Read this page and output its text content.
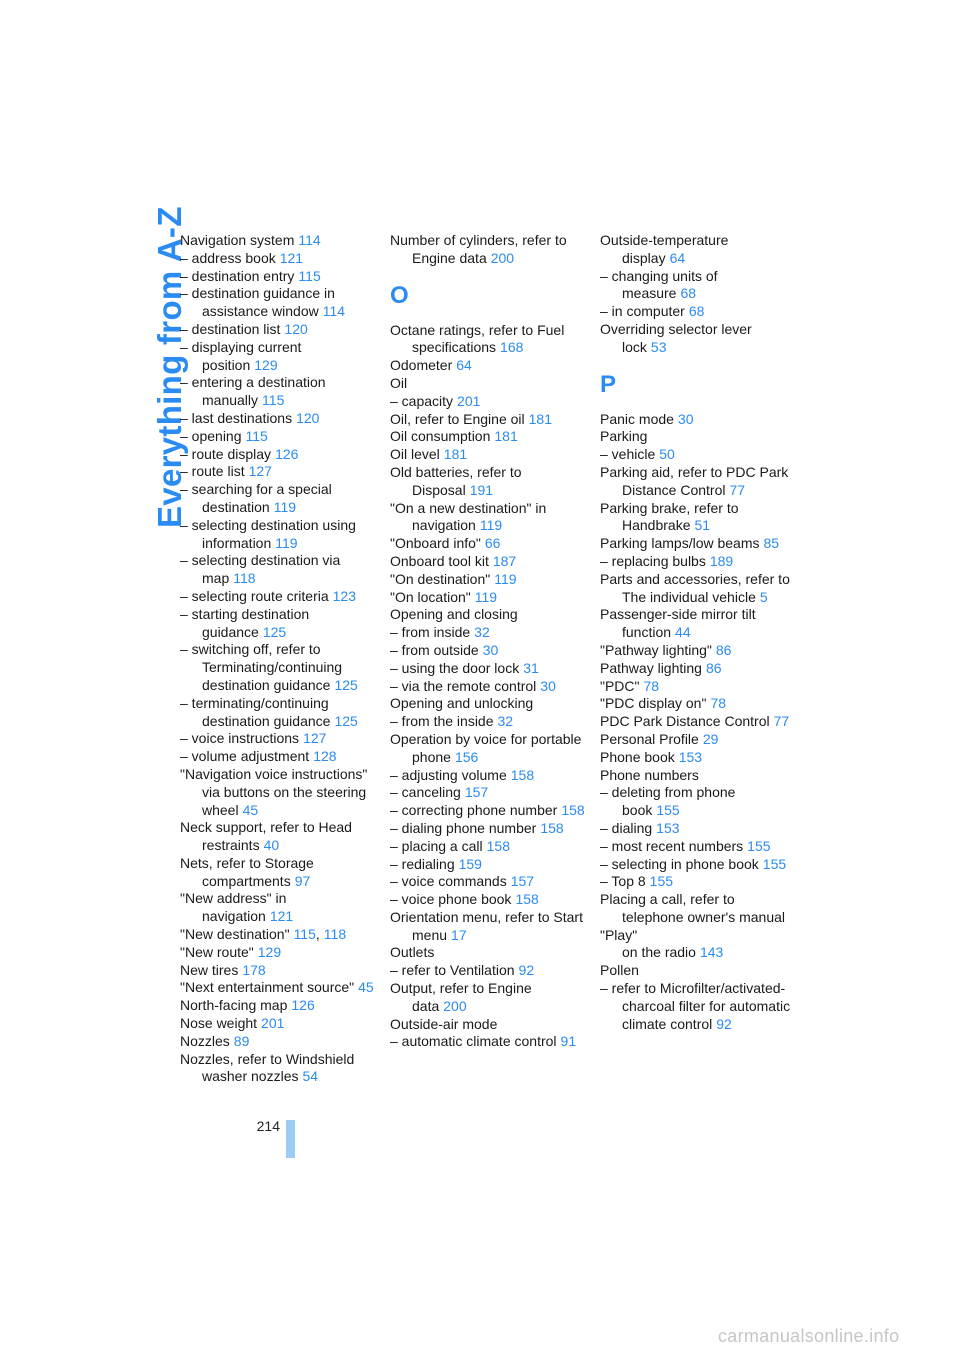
Everything from A-Z
Navigation system 114
– address book 121
– destination entry 115
– destination guidance in assistance window 114
– destination list 120
– displaying current position 129
– entering a destination manually 115
– last destinations 120
– opening 115
– route display 126
– route list 127
– searching for a special destination 119
– selecting destination using information 119
– selecting destination via map 118
– selecting route criteria 123
– starting destination guidance 125
– switching off, refer to Terminating/continuing destination guidance 125
– terminating/continuing destination guidance 125
– voice instructions 127
– volume adjustment 128
"Navigation voice instructions" via buttons on the steering wheel 45
Neck support, refer to Head restraints 40
Nets, refer to Storage compartments 97
"New address" in navigation 121
"New destination" 115, 118
"New route" 129
New tires 178
"Next entertainment source" 45
North-facing map 126
Nose weight 201
Nozzles 89
Nozzles, refer to Windshield washer nozzles 54
Number of cylinders, refer to Engine data 200
O
Octane ratings, refer to Fuel specifications 168
Odometer 64
Oil
– capacity 201
Oil, refer to Engine oil 181
Oil consumption 181
Oil level 181
Old batteries, refer to Disposal 191
"On a new destination" in navigation 119
"Onboard info" 66
Onboard tool kit 187
"On destination" 119
"On location" 119
Opening and closing
– from inside 32
– from outside 30
– using the door lock 31
– via the remote control 30
Opening and unlocking
– from the inside 32
Operation by voice for portable phone 156
– adjusting volume 158
– canceling 157
– correcting phone number 158
– dialing phone number 158
– placing a call 158
– redialing 159
– voice commands 157
– voice phone book 158
Orientation menu, refer to Start menu 17
Outlets
– refer to Ventilation 92
Output, refer to Engine data 200
Outside-air mode
– automatic climate control 91
Outside-temperature display 64
– changing units of measure 68
– in computer 68
Overriding selector lever lock 53
P
Panic mode 30
Parking
– vehicle 50
Parking aid, refer to PDC Park Distance Control 77
Parking brake, refer to Handbrake 51
Parking lamps/low beams 85
– replacing bulbs 189
Parts and accessories, refer to The individual vehicle 5
Passenger-side mirror tilt function 44
"Pathway lighting" 86
Pathway lighting 86
"PDC" 78
"PDC display on" 78
PDC Park Distance Control 77
Personal Profile 29
Phone book 153
Phone numbers
– deleting from phone book 155
– dialing 153
– most recent numbers 155
– selecting in phone book 155
– Top 8 155
Placing a call, refer to telephone owner's manual
"Play"
on the radio 143
Pollen
– refer to Microfilter/activated-charcoal filter for automatic climate control 92
214
carmanualsonline.info
